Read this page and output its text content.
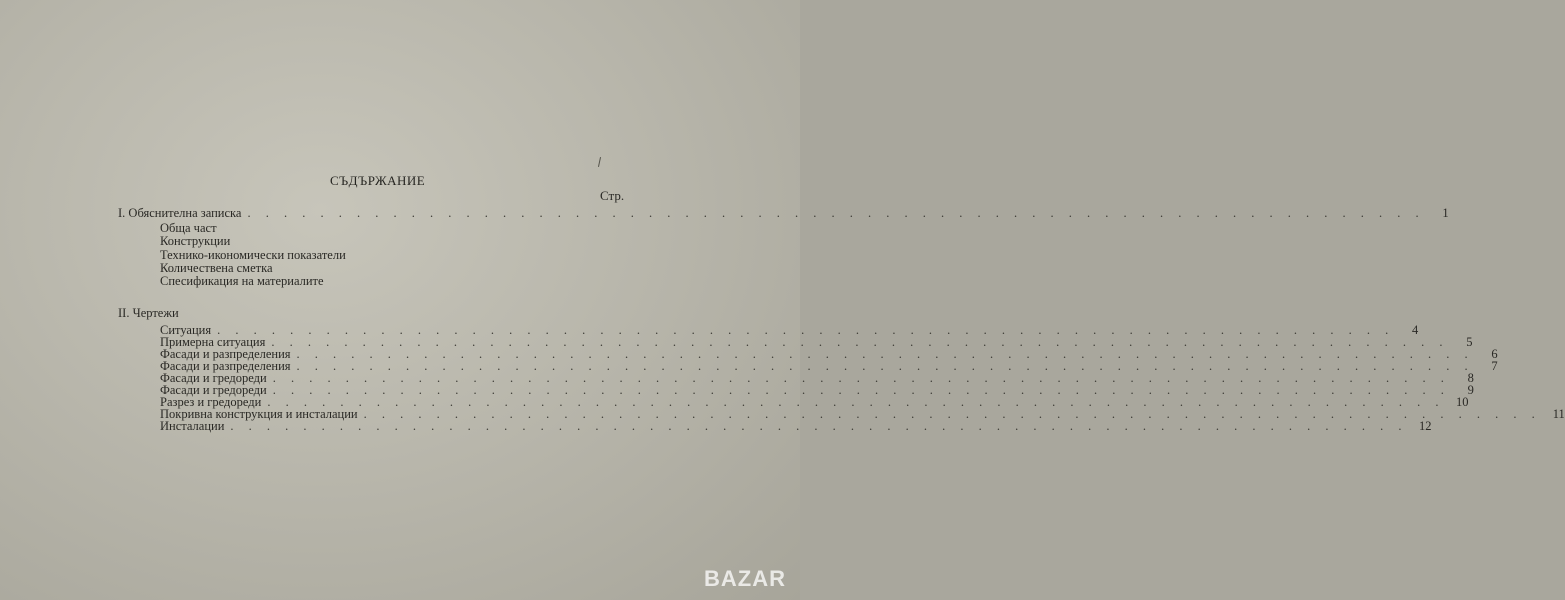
СЪДЪРЖАНИЕ
Стр.
I. Обяснителна записка . . . . . . . . . . . . . . . . . . . . . . . . . . . . . . . . . . . . . . . . . . . . . . . . . . . . . . . . . . . . . . . . .	1
Обща част
Конструкции
Технико-икономически показатели
Количествена сметка
Спесификация на материалите
II. Чертежи
Ситуация . . . . . . . . . . . . . . . . . . . . . . . . . . . . . . . . . . . . . . . . . . . . . . . . . . . . . . . . . . . . . . . . .	4
Примерна ситуация . . . . . . . . . . . . . . . . . . . . . . . . . . . . . . . . . . . . . . . . . . . . . . . . . . . . . . . . . . . . . . . . .	5
Фасади и разпределения . . . . . . . . . . . . . . . . . . . . . . . . . . . . . . . . . . . . . . . . . . . . . . . . . . . . . . . . . . . . . . . . .	6
Фасади и разпределения . . . . . . . . . . . . . . . . . . . . . . . . . . . . . . . . . . . . . . . . . . . . . . . . . . . . . . . . . . . . . . . . .	7
Фасади и гредореди . . . . . . . . . . . . . . . . . . . . . . . . . . . . . . . . . . . . . . . . . . . . . . . . . . . . . . . . . . . . . . . . .	8
Фасади и гредореди . . . . . . . . . . . . . . . . . . . . . . . . . . . . . . . . . . . . . . . . . . . . . . . . . . . . . . . . . . . . . . . . .	9
Разрез и гредореди . . . . . . . . . . . . . . . . . . . . . . . . . . . . . . . . . . . . . . . . . . . . . . . . . . . . . . . . . . . . . . . . . 10
Покривна конструкция и инсталации . . . . . . . . . . . . . . . . . . . . . . . . . . . . . . . . . . . . . . . . . . . . . . . . . . . . . . . . . . . . . . . . . 11
Инсталации . . . . . . . . . . . . . . . . . . . . . . . . . . . . . . . . . . . . . . . . . . . . . . . . . . . . . . . . . . . . . . . . . 12
BAZAR
